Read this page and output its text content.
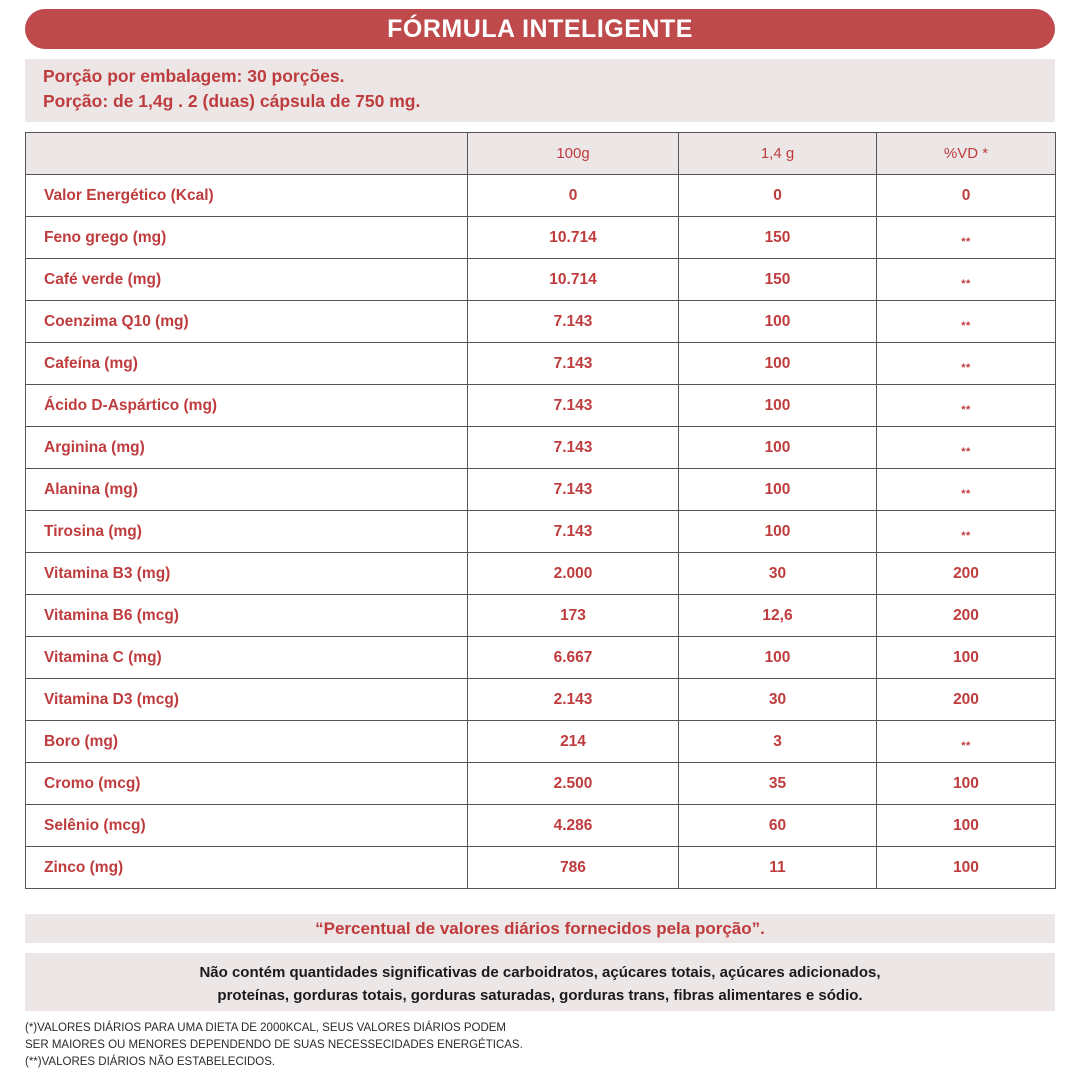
FÓRMULA INTELIGENTE
Porção por embalagem: 30 porções.
Porção: de 1,4g . 2 (duas) cápsula de 750 mg.
	100g	1,4 g	%VD *
Valor Energético (Kcal)	0	0	0
Feno grego (mg)	10.714	150	**
Café verde (mg)	10.714	150	**
Coenzima Q10 (mg)	7.143	100	**
Cafeína (mg)	7.143	100	**
Ácido D-Aspártico (mg)	7.143	100	**
Arginina (mg)	7.143	100	**
Alanina (mg)	7.143	100	**
Tirosina (mg)	7.143	100	**
Vitamina B3 (mg)	2.000	30	200
Vitamina B6 (mcg)	173	12,6	200
Vitamina C (mg)	6.667	100	100
Vitamina D3 (mcg)	2.143	30	200
Boro (mg)	214	3	**
Cromo (mcg)	2.500	35	100
Selênio (mcg)	4.286	60	100
Zinco (mg)	786	11	100
“Percentual de valores diários fornecidos pela porção”.
Não contém quantidades significativas de carboidratos, açúcares totais, açúcares adicionados,
proteínas, gorduras totais, gorduras saturadas, gorduras trans, fibras alimentares e sódio.
(*)VALORES DIÁRIOS PARA UMA DIETA DE 2000KCAL, SEUS VALORES DIÁRIOS PODEM
SER MAIORES OU MENORES DEPENDENDO DE SUAS NECESSECIDADES ENERGÉTICAS.
(**)VALORES DIÁRIOS NÃO ESTABELECIDOS.
